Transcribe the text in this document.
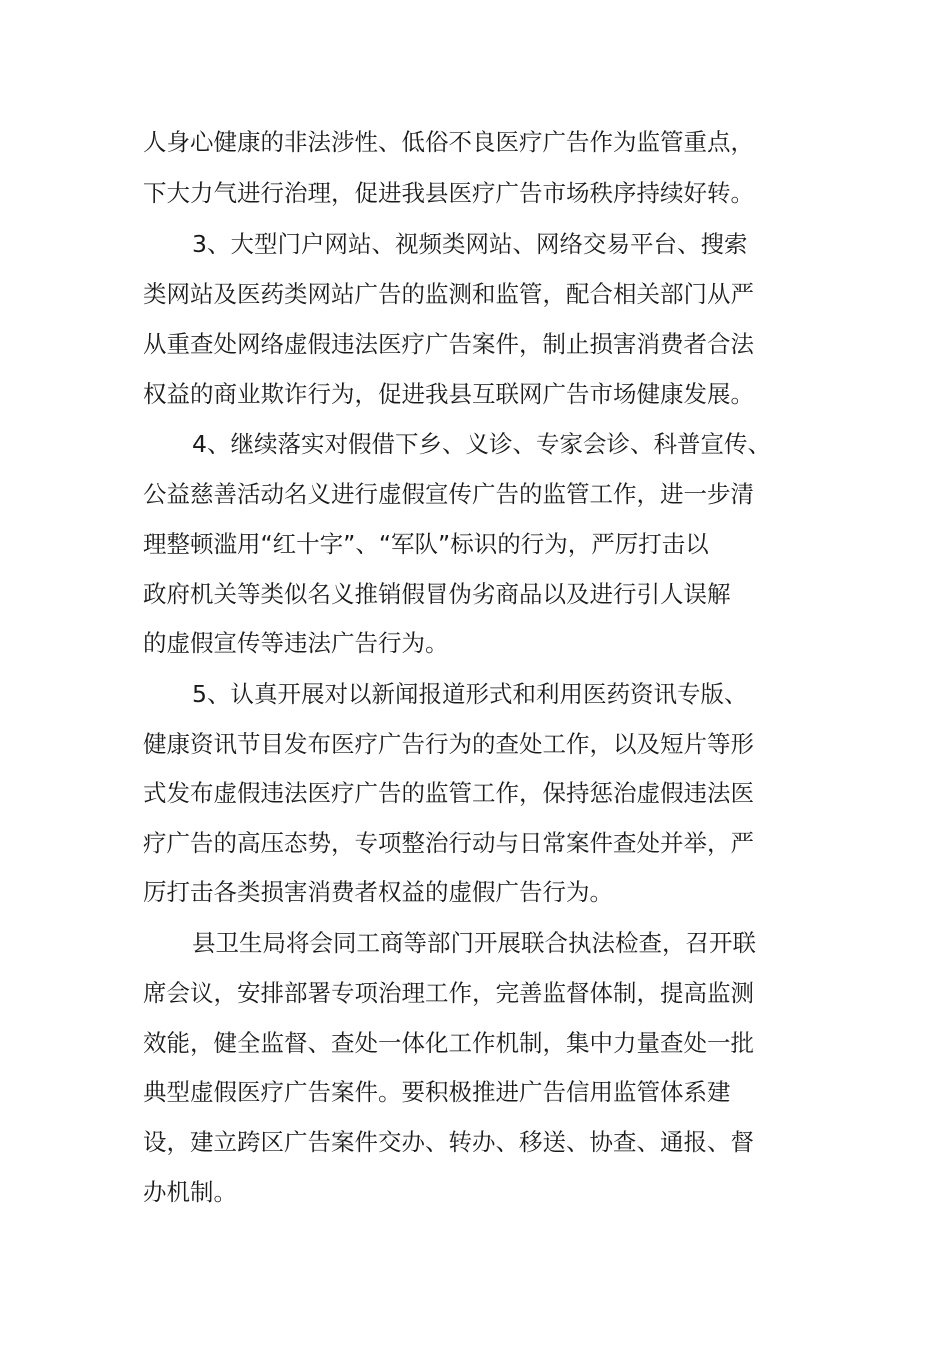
人身心健康的非法涉性、低俗不良医疗广告作为监管重点，
下大力气进行治理，促进我县医疗广告市场秩序持续好转。
3、大型门户网站、视频类网站、网络交易平台、搜索
类网站及医药类网站广告的监测和监管，配合相关部门从严
从重查处网络虚假违法医疗广告案件，制止损害消费者合法
权益的商业欺诈行为，促进我县互联网广告市场健康发展。
4、继续落实对假借下乡、义诊、专家会诊、科普宣传、
公益慈善活动名义进行虚假宣传广告的监管工作，进一步清
理整顿滥用“红十字”、“军队”标识的行为，严厉打击以
政府机关等类似名义推销假冒伪劣商品以及进行引人误解
的虚假宣传等违法广告行为。
5、认真开展对以新闻报道形式和利用医药资讯专版、
健康资讯节目发布医疗广告行为的查处工作，以及短片等形
式发布虚假违法医疗广告的监管工作，保持惩治虚假违法医
疗广告的高压态势，专项整治行动与日常案件查处并举，严
厉打击各类损害消费者权益的虚假广告行为。
县卫生局将会同工商等部门开展联合执法检查，召开联
席会议，安排部署专项治理工作，完善监督体制，提高监测
效能，健全监督、查处一体化工作机制，集中力量查处一批
典型虚假医疗广告案件。要积极推进广告信用监管体系建
设，建立跨区广告案件交办、转办、移送、协查、通报、督
办机制。
